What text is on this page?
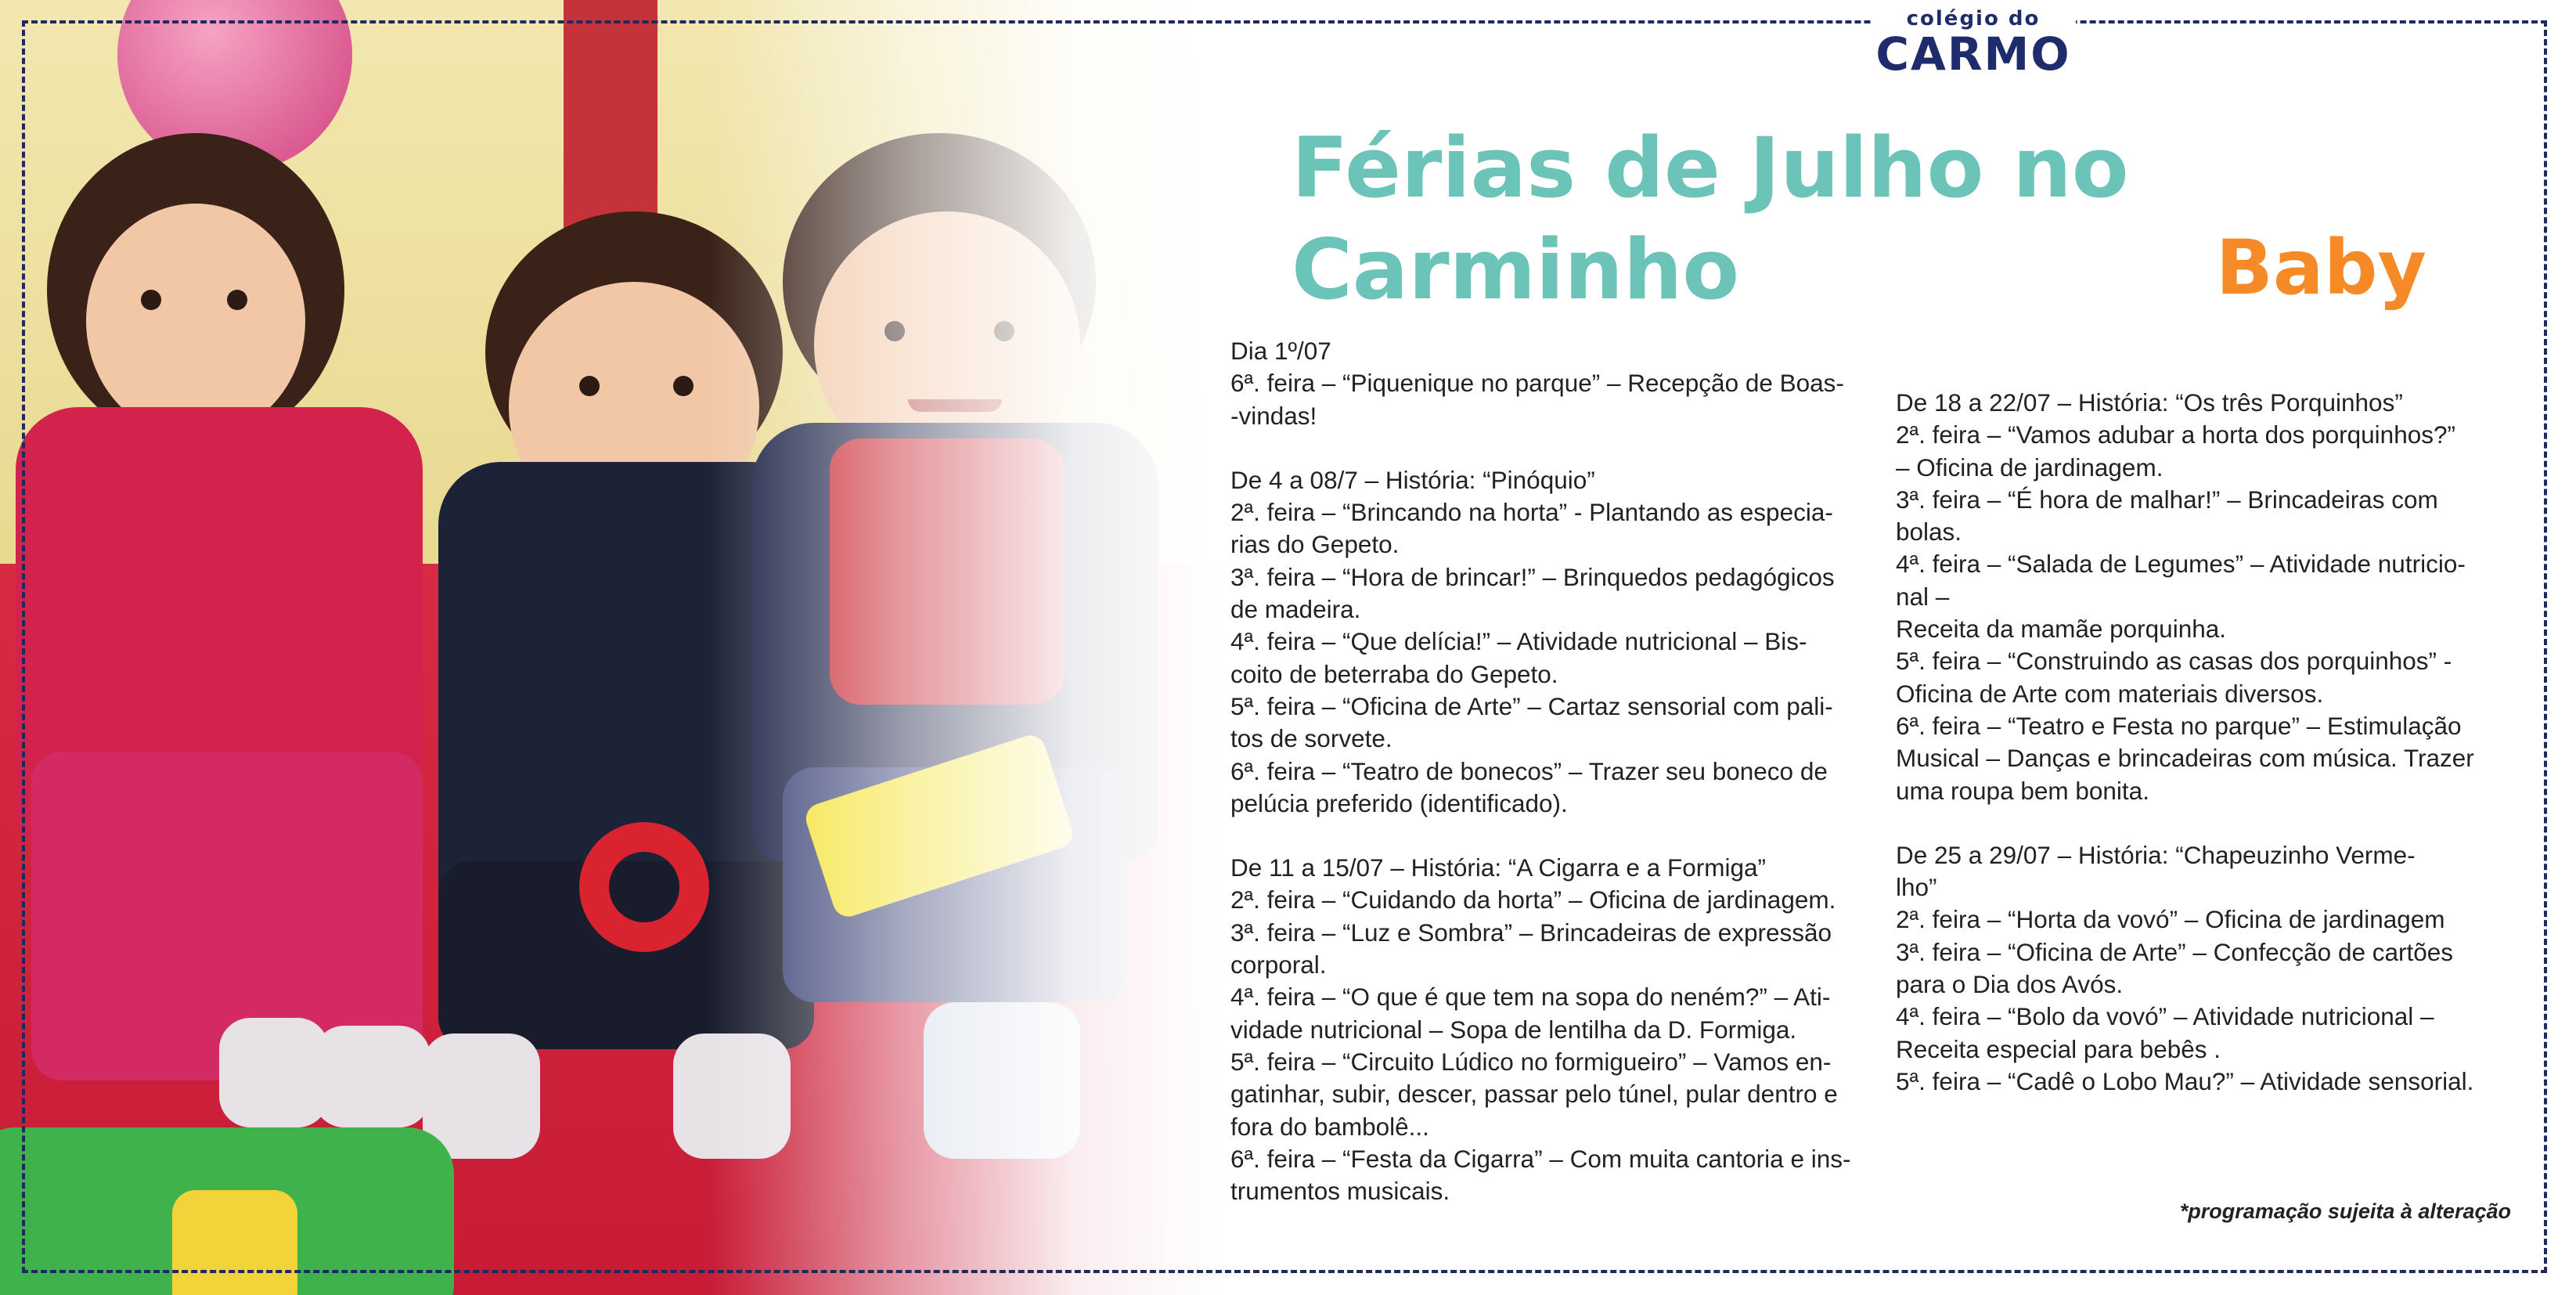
colégio do
CARMO
Férias de Julho no Carminho	Baby
Dia 1º/07
6ª. feira – “Piquenique no parque” – Recepção de Boas-
-vindas!
De 4 a 08/7 – História: “Pinóquio”
2ª. feira – “Brincando na horta” - Plantando as especia-
rias do Gepeto.
3ª. feira – “Hora de brincar!” – Brinquedos pedagógicos
de madeira.
4ª. feira – “Que delícia!” – Atividade nutricional – Bis-
coito de beterraba do Gepeto.
5ª. feira – “Oficina de Arte” – Cartaz sensorial com pali-
tos de sorvete.
6ª. feira – “Teatro de bonecos” – Trazer seu boneco de
pelúcia preferido (identificado).
De 11 a 15/07 – História: “A Cigarra e a Formiga”
2ª. feira – “Cuidando da horta” – Oficina de jardinagem.
3ª. feira – “Luz e Sombra” – Brincadeiras de expressão
corporal.
4ª. feira – “O que é que tem na sopa do neném?” – Ati-
vidade nutricional – Sopa de lentilha da D. Formiga.
5ª. feira – “Circuito Lúdico no formigueiro” – Vamos en-
gatinhar, subir, descer, passar pelo túnel, pular dentro e
fora do bambolê...
6ª. feira – “Festa da Cigarra” – Com muita cantoria e ins-
trumentos musicais.
De 18 a 22/07 – História: “Os três Porquinhos”
2ª. feira – “Vamos adubar a horta dos porquinhos?”
– Oficina de jardinagem.
3ª. feira – “É hora de malhar!” – Brincadeiras com
bolas.
4ª. feira – “Salada de Legumes” – Atividade nutricio-
nal –
Receita da mamãe porquinha.
5ª. feira – “Construindo as casas dos porquinhos” -
Oficina de Arte com materiais diversos.
6ª. feira – “Teatro e Festa no parque” – Estimulação
Musical – Danças e brincadeiras com música. Trazer
uma roupa bem bonita.
De 25 a 29/07 – História: “Chapeuzinho Verme-
lho”
2ª. feira – “Horta da vovó” – Oficina de jardinagem
3ª. feira – “Oficina de Arte” – Confecção de cartões
para o Dia dos Avós.
4ª. feira – “Bolo da vovó” – Atividade nutricional –
Receita especial para bebês .
5ª. feira – “Cadê o Lobo Mau?” – Atividade sensorial.
*programação sujeita à alteração
